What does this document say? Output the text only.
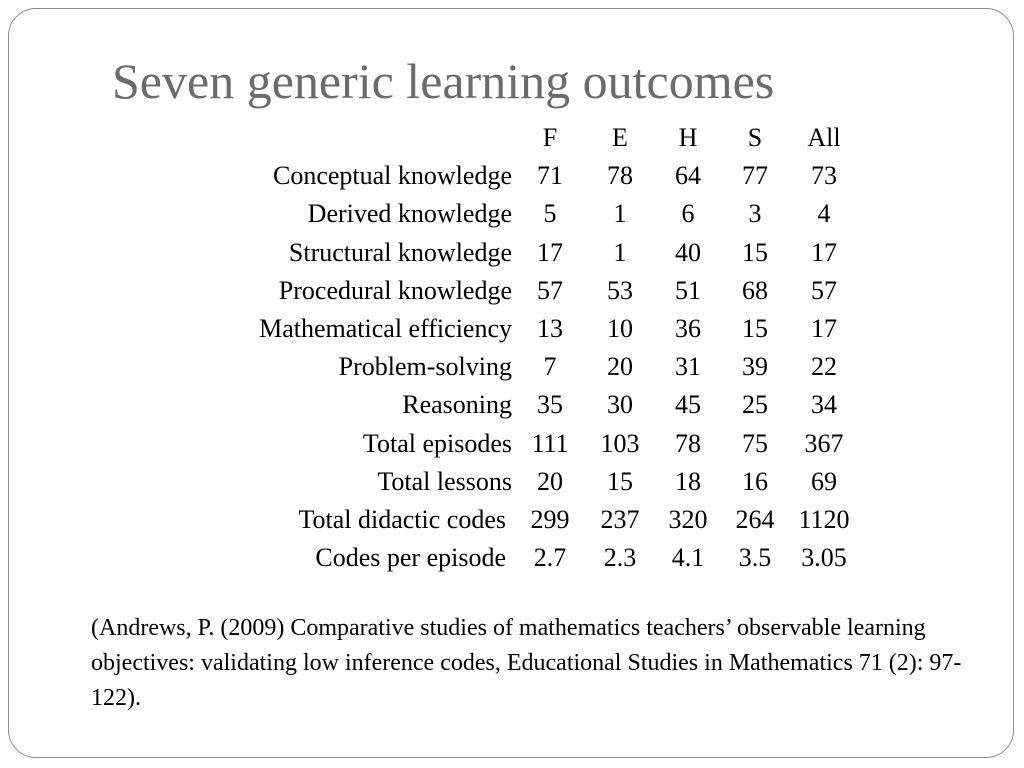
Seven generic learning outcomes
	F	E	H	S	All
Conceptual knowledge	71	78	64	77	73
Derived knowledge	5	1	6	3	4
Structural knowledge	17	1	40	15	17
Procedural knowledge	57	53	51	68	57
Mathematical efficiency	13	10	36	15	17
Problem-solving	7	20	31	39	22
Reasoning	35	30	45	25	34
Total episodes	111	103	78	75	367
Total lessons	20	15	18	16	69
Total didactic codes	299	237	320	264	1120
Codes per episode	2.7	2.3	4.1	3.5	3.05

(Andrews, P. (2009) Comparative studies of mathematics teachers’ observable learning objectives: validating low inference codes, Educational Studies in Mathematics 71 (2): 97-122).
